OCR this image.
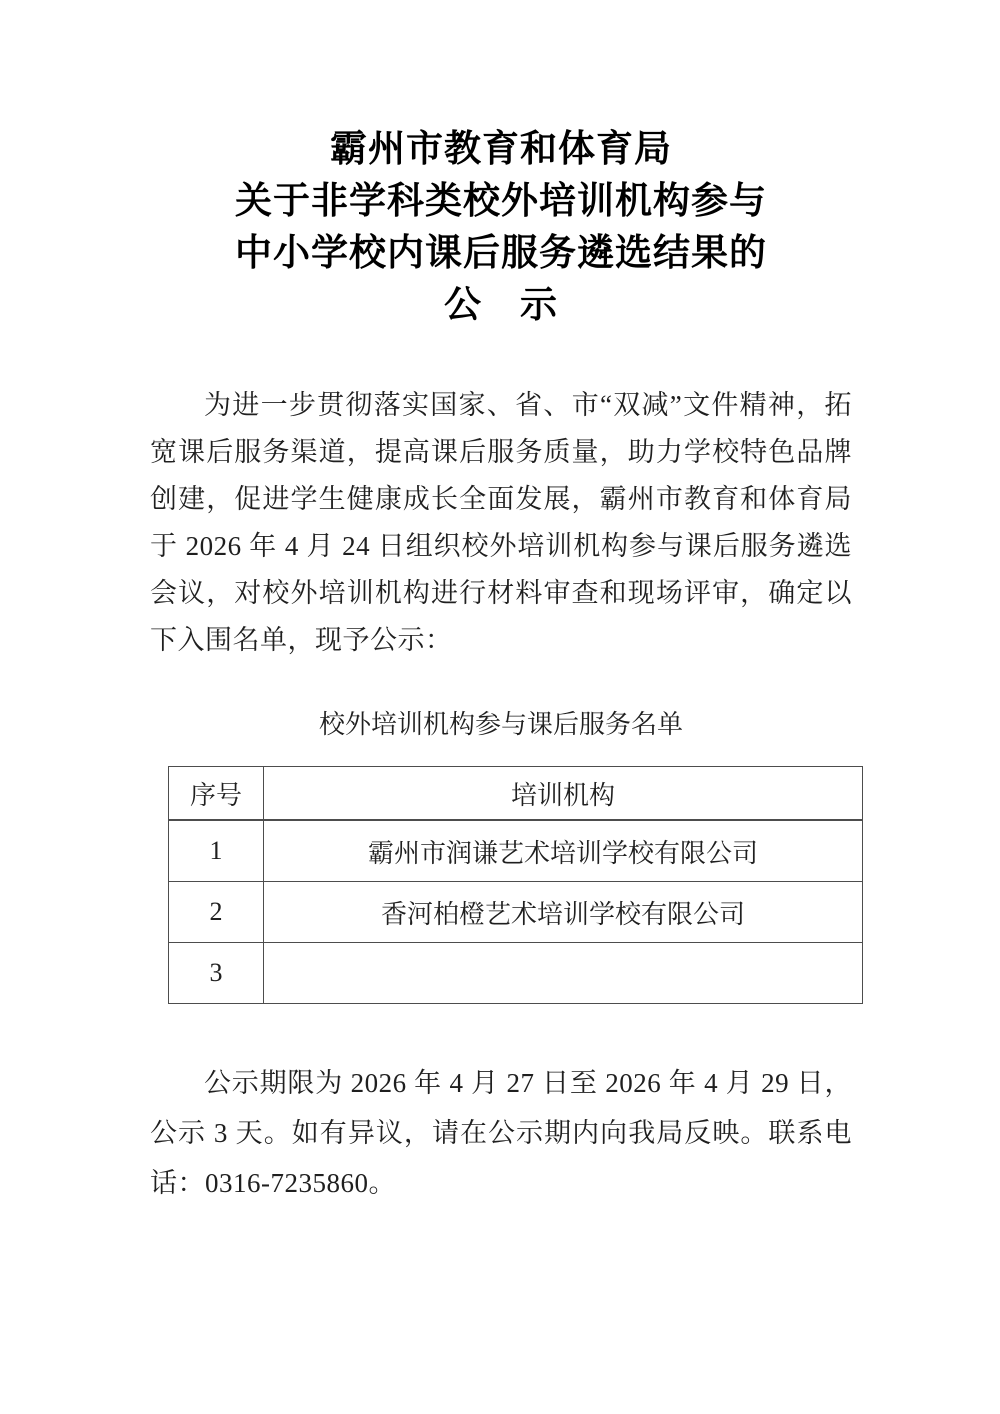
霸州市教育和体育局
关于非学科类校外培训机构参与
中小学校内课后服务遴选结果的
公　示

为进一步贯彻落实国家、省、市“双减”文件精神，拓宽课后服务渠道，提高课后服务质量，助力学校特色品牌创建，促进学生健康成长全面发展，霸州市教育和体育局于 2026 年 4 月 24 日组织校外培训机构参与课后服务遴选会议，对校外培训机构进行材料审查和现场评审，确定以下入围名单，现予公示：

校外培训机构参与课后服务名单
序号	培训机构
1	霸州市润谦艺术培训学校有限公司
2	香河柏橙艺术培训学校有限公司
3	

公示期限为 2026 年 4 月 27 日至 2026 年 4 月 29 日，公示 3 天。如有异议，请在公示期内向我局反映。联系电话：0316-7235860。
